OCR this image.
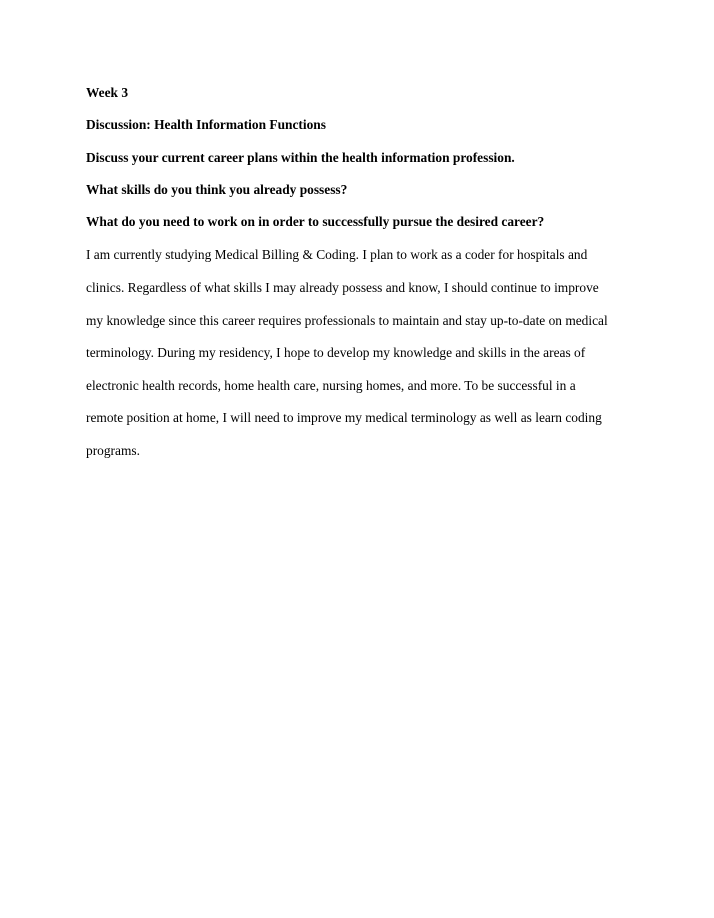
Week 3
Discussion: Health Information Functions
Discuss your current career plans within the health information profession.
What skills do you think you already possess?
What do you need to work on in order to successfully pursue the desired career?
I am currently studying Medical Billing & Coding. I plan to work as a coder for hospitals and
clinics. Regardless of what skills I may already possess and know, I should continue to improve
my knowledge since this career requires professionals to maintain and stay up-to-date on medical
terminology. During my residency, I hope to develop my knowledge and skills in the areas of
electronic health records, home health care, nursing homes, and more. To be successful in a
remote position at home, I will need to improve my medical terminology as well as learn coding
programs.
